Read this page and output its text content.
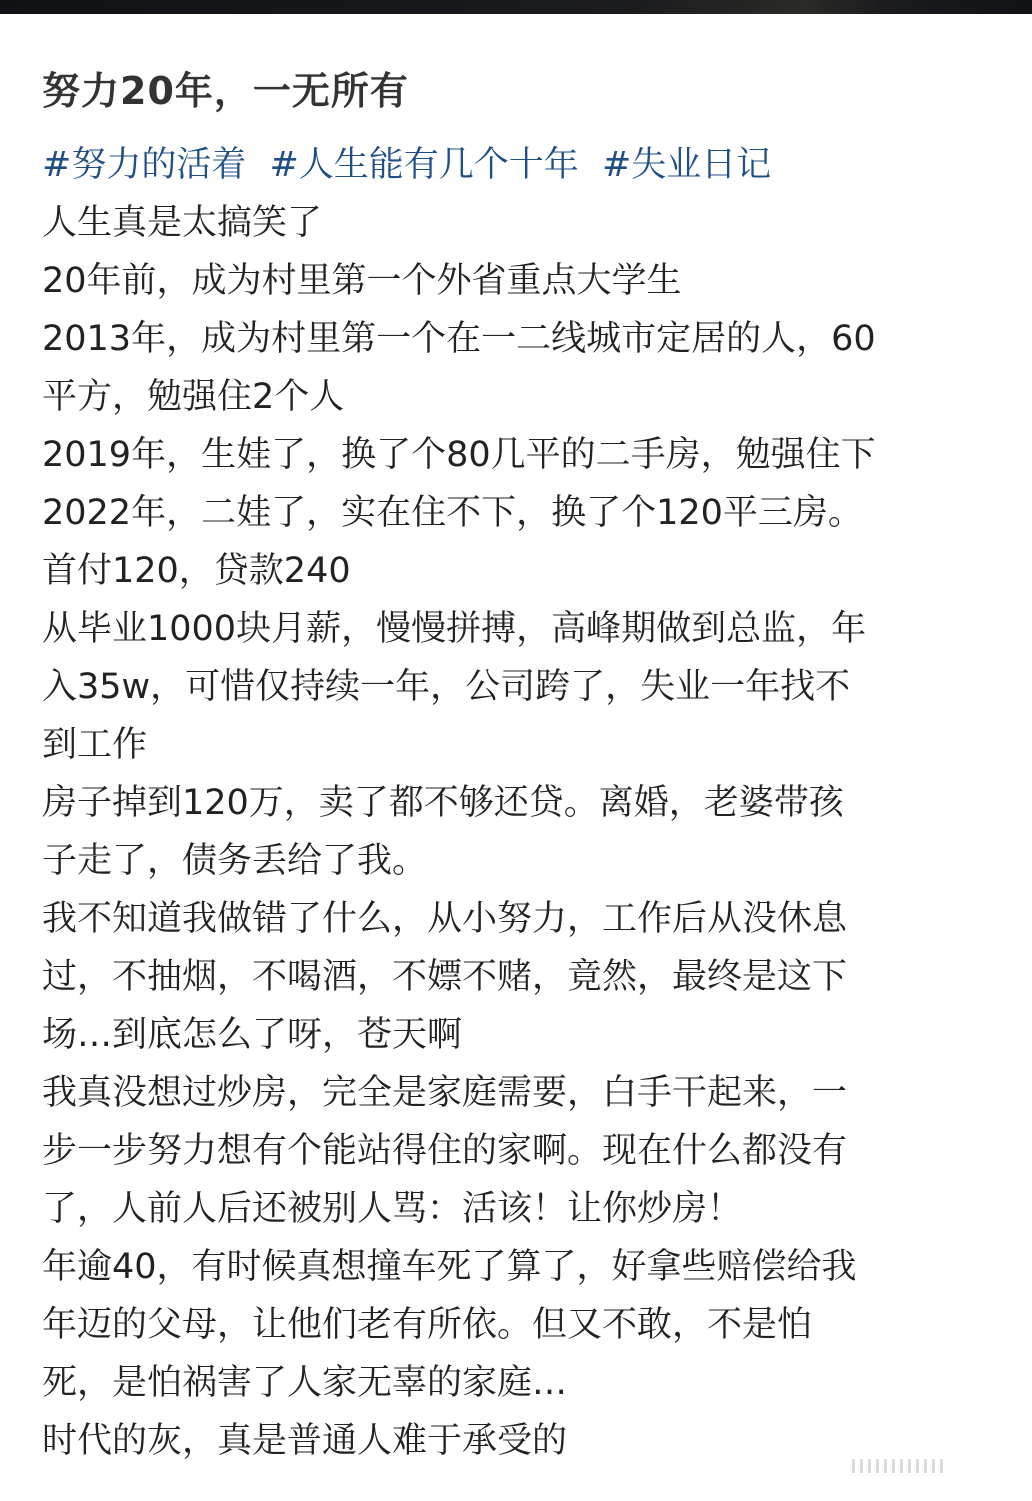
努力20年，一无所有
#努力的活着 #人生能有几个十年 #失业日记
人生真是太搞笑了
20年前，成为村里第一个外省重点大学生
2013年，成为村里第一个在一二线城市定居的人，60
平方，勉强住2个人
2019年，生娃了，换了个80几平的二手房，勉强住下
2022年，二娃了，实在住不下，换了个120平三房。
首付120，贷款240
从毕业1000块月薪，慢慢拼搏，高峰期做到总监，年
入35w，可惜仅持续一年，公司跨了，失业一年找不
到工作
房子掉到120万，卖了都不够还贷。离婚，老婆带孩
子走了，债务丢给了我。
我不知道我做错了什么，从小努力，工作后从没休息
过，不抽烟，不喝酒，不嫖不赌，竟然，最终是这下
场…到底怎么了呀，苍天啊
我真没想过炒房，完全是家庭需要，白手干起来，一
步一步努力想有个能站得住的家啊。现在什么都没有
了，人前人后还被别人骂：活该！让你炒房！
年逾40，有时候真想撞车死了算了，好拿些赔偿给我
年迈的父母，让他们老有所依。但又不敢，不是怕
死，是怕祸害了人家无辜的家庭…
时代的灰，真是普通人难于承受的
